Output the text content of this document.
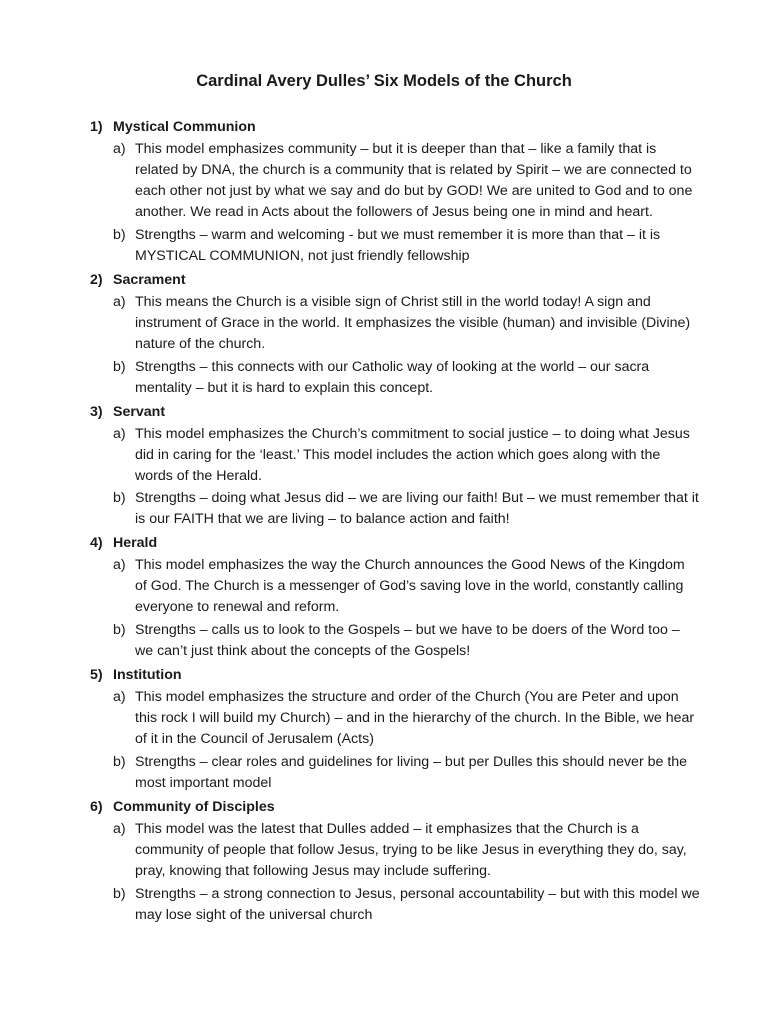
Cardinal Avery Dulles’ Six Models of the Church
1) Mystical Communion
a) This model emphasizes community – but it is deeper than that – like a family that is related by DNA, the church is a community that is related by Spirit – we are connected to each other not just by what we say and do but by GOD! We are united to God and to one another. We read in Acts about the followers of Jesus being one in mind and heart.
b) Strengths – warm and welcoming - but we must remember it is more than that – it is MYSTICAL COMMUNION, not just friendly fellowship
2) Sacrament
a) This means the Church is a visible sign of Christ still in the world today! A sign and instrument of Grace in the world. It emphasizes the visible (human) and invisible (Divine) nature of the church.
b) Strengths – this connects with our Catholic way of looking at the world – our sacra mentality – but it is hard to explain this concept.
3) Servant
a) This model emphasizes the Church’s commitment to social justice – to doing what Jesus did in caring for the ‘least.’ This model includes the action which goes along with the words of the Herald.
b) Strengths – doing what Jesus did – we are living our faith! But – we must remember that it is our FAITH that we are living – to balance action and faith!
4) Herald
a) This model emphasizes the way the Church announces the Good News of the Kingdom of God. The Church is a messenger of God’s saving love in the world, constantly calling everyone to renewal and reform.
b) Strengths – calls us to look to the Gospels – but we have to be doers of the Word too – we can’t just think about the concepts of the Gospels!
5) Institution
a) This model emphasizes the structure and order of the Church (You are Peter and upon this rock I will build my Church) – and in the hierarchy of the church. In the Bible, we hear of it in the Council of Jerusalem (Acts)
b) Strengths – clear roles and guidelines for living – but per Dulles this should never be the most important model
6) Community of Disciples
a) This model was the latest that Dulles added – it emphasizes that the Church is a community of people that follow Jesus, trying to be like Jesus in everything they do, say, pray, knowing that following Jesus may include suffering.
b) Strengths – a strong connection to Jesus, personal accountability – but with this model we may lose sight of the universal church
